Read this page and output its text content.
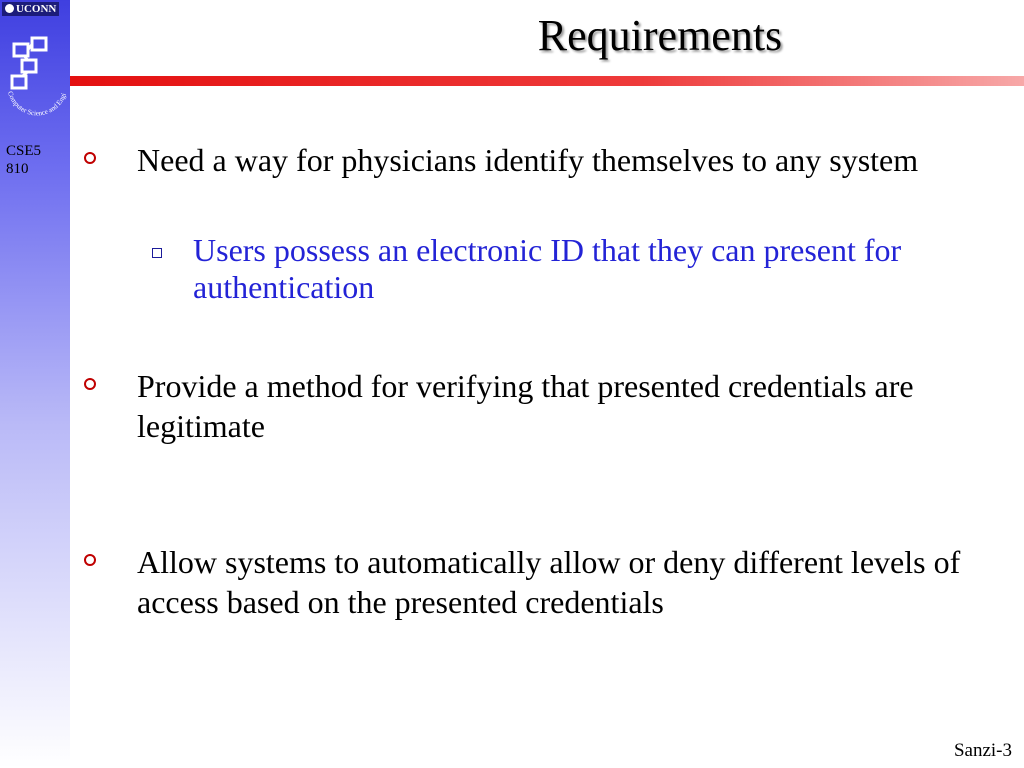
UCONN
Computer Science and Engi
CSE5
810
Requirements
Need a way for physicians identify themselves to any system
Users possess an electronic ID that they can present for authentication
Provide a method for verifying that presented credentials are legitimate
Allow systems to automatically allow or deny different levels of access based on the presented credentials
Sanzi-3
